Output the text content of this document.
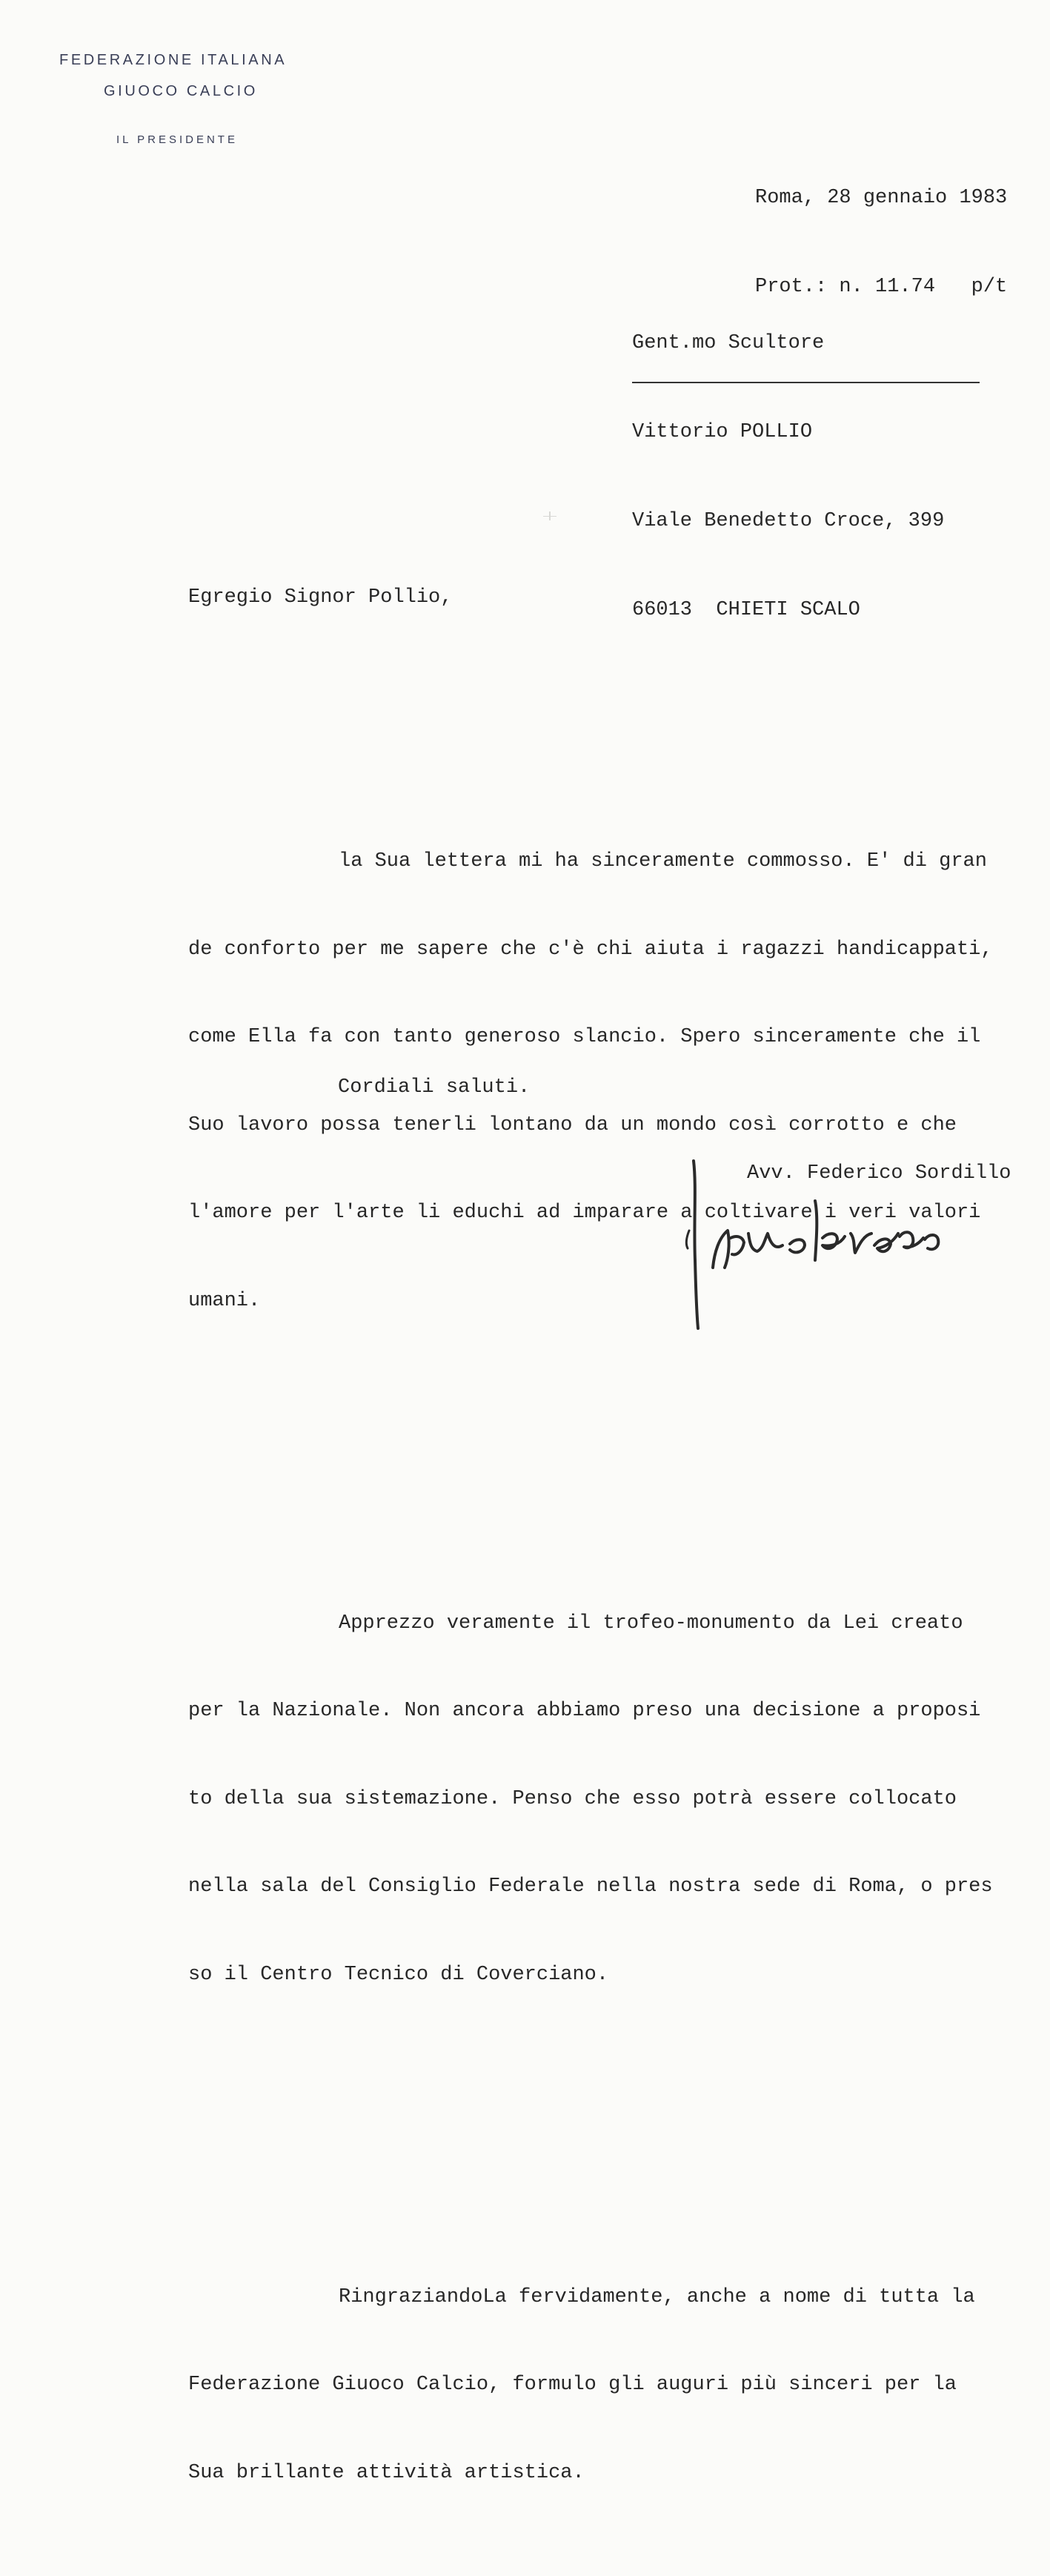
FEDERAZIONE ITALIANA
GIUOCO CALCIO
IL PRESIDENTE

Roma, 28 gennaio 1983

Prot.: n. 11.74   p/t

Gent.mo Scultore

Vittorio POLLIO

Viale Benedetto Croce, 399

66013  CHIETI SCALO

Egregio Signor Pollio,

la Sua lettera mi ha sinceramente commosso. E' di gran

de conforto per me sapere che c'è chi aiuta i ragazzi handicappati,

come Ella fa con tanto generoso slancio. Spero sinceramente che il

Suo lavoro possa tenerli lontano da un mondo così corrotto e che

l'amore per l'arte li educhi ad imparare a coltivare i veri valori

umani.

Apprezzo veramente il trofeo-monumento da Lei creato

per la Nazionale. Non ancora abbiamo preso una decisione a proposi

to della sua sistemazione. Penso che esso potrà essere collocato

nella sala del Consiglio Federale nella nostra sede di Roma, o pres

so il Centro Tecnico di Coverciano.

RingraziandoLa fervidamente, anche a nome di tutta la

Federazione Giuoco Calcio, formulo gli auguri più sinceri per la

Sua brillante attività artistica.

Cordiali saluti.
Avv. Federico Sordillo
